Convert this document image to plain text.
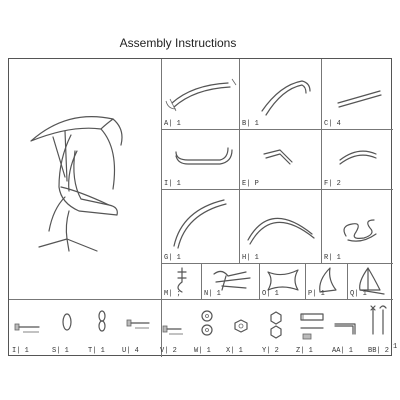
Assembly Instructions
A| 1	B| 1	C| 4
I| 1	E| P	F| 2
G| 1	H| 1	R| 1
M| ;	N| 1	O| 1	P| 1	Q| 1
I| 1	S| 1	T| 1 U| 4	V| 2 W| 1 X| 1	Y| 2 Z| 1	AA| 1 BB| 2 1
